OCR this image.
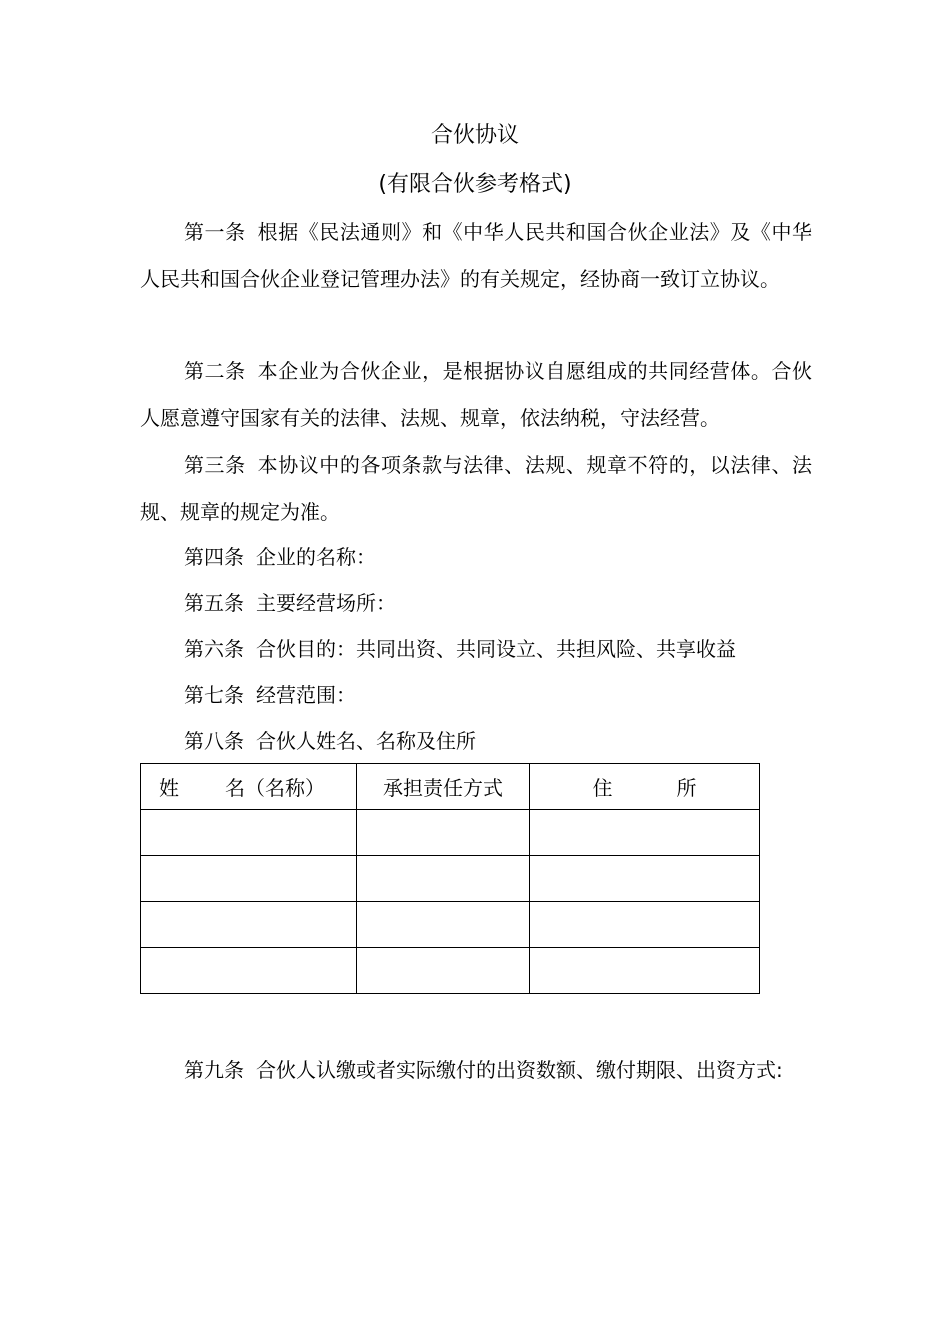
合伙协议
(有限合伙参考格式)

第一条 根据《民法通则》和《中华人民共和国合伙企业法》及《中华人民共和国合伙企业登记管理办法》的有关规定，经协商一致订立协议。

第二条 本企业为合伙企业，是根据协议自愿组成的共同经营体。合伙人愿意遵守国家有关的法律、法规、规章，依法纳税，守法经营。

第三条 本协议中的各项条款与法律、法规、规章不符的，以法律、法规、规章的规定为准。

第四条 企业的名称：

第五条 主要经营场所：

第六条 合伙目的：共同出资、共同设立、共担风险、共享收益

第七条 经营范围：

第八条 合伙人姓名、名称及住所

姓 名（名称）	承担责任方式	住 所

第九条 合伙人认缴或者实际缴付的出资数额、缴付期限、出资方式:
